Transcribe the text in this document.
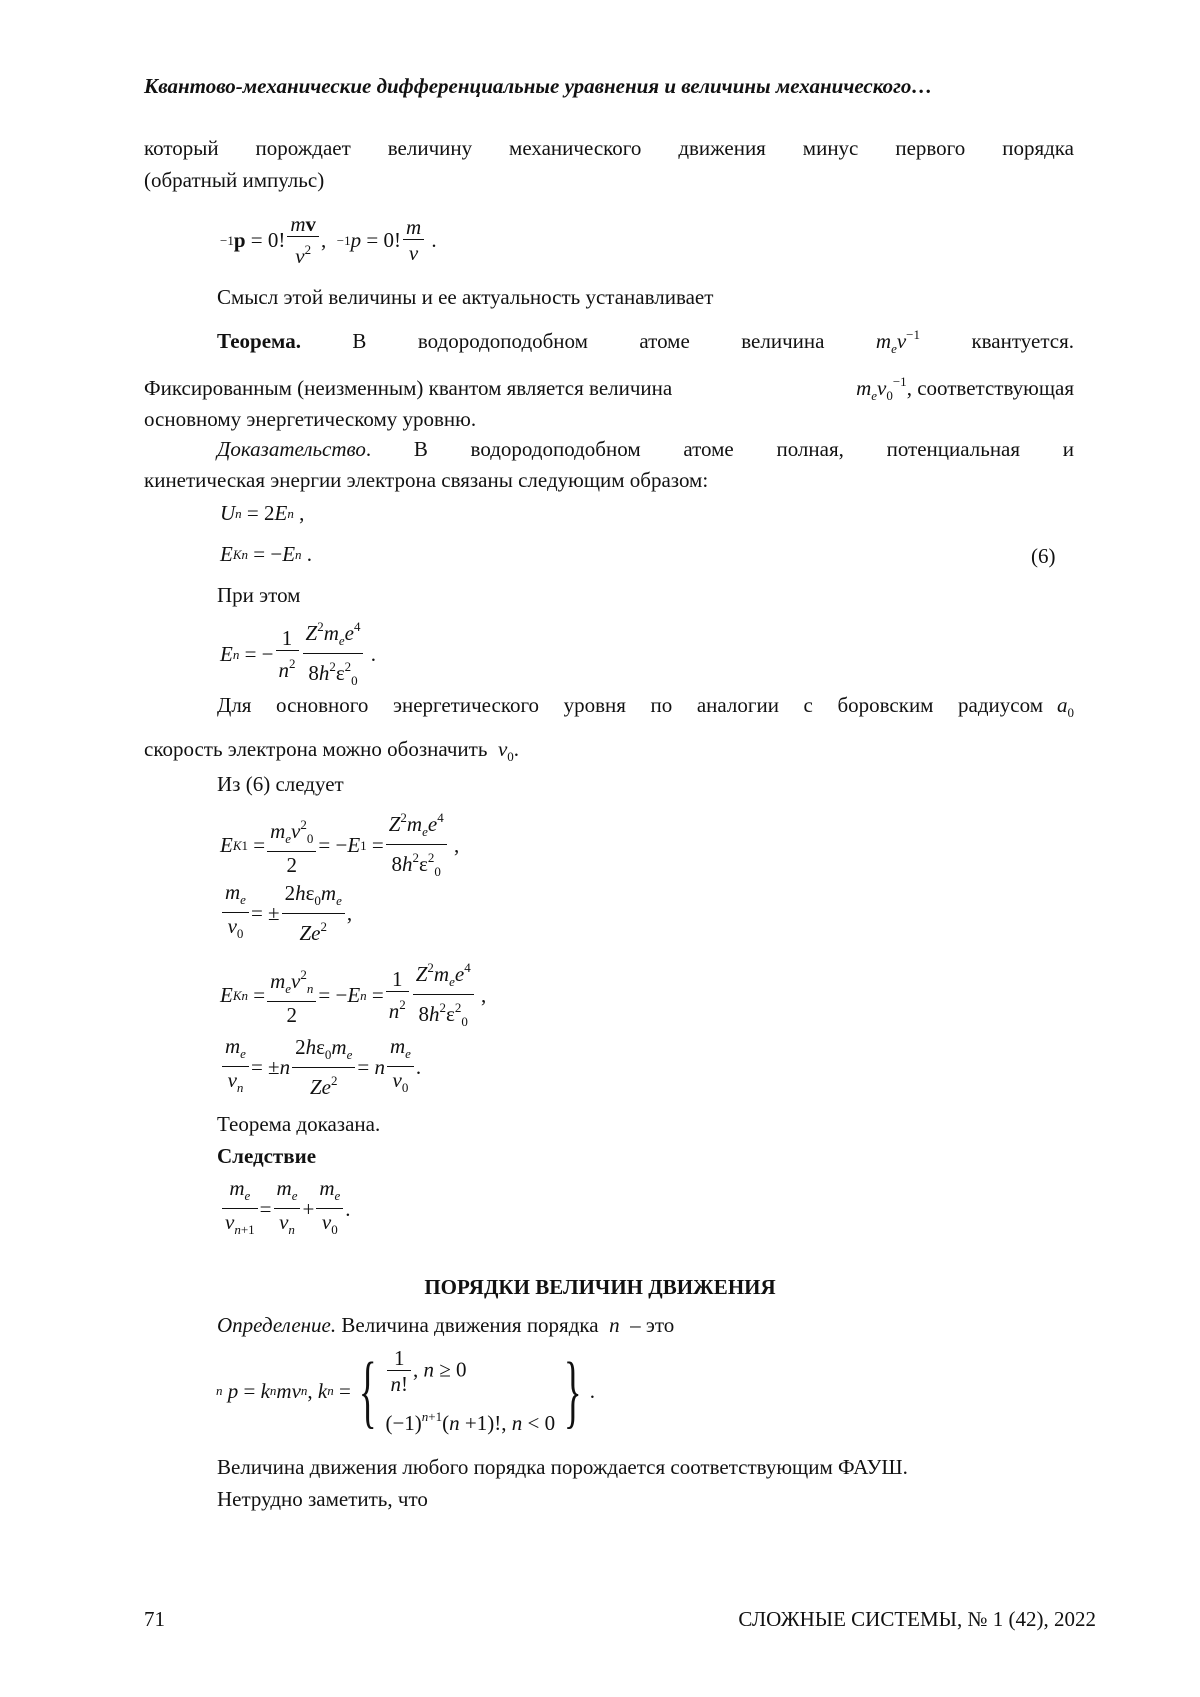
Квантово-механические дифференциальные уравнения и величины механического…
который порождает величину механического движения минус первого порядка
(обратный импульс)
−1 p = 0!
mv
v2 , −1 p = 0!
m
v
.
Смысл этой величины и ее актуальность устанавливает
Теорема. В водородоподобном атоме величина mev−1 квантуется.
Фиксированным (неизменным) квантом является величина	mev0−1, соответствующая
основному энергетическому уровню.
Доказательство . В водородоподобном атоме полная, потенциальная и
кинетическая энергии электрона связаны следующим образом:
U n = 2 E n ,
E Kn = − E n .	(6)
При этом
E n = −
1
n2
Z2mee4
8h2ε20
.
Для основного энергетического уровня по аналогии с боровским радиусом a0
скорость электрона можно обозначить v0.
Из (6) следует
E K 1 =
mev20
2
= − E 1 =
Z2mee4
8h2ε20
,
me
v0
= ±
2hε0me
Ze2
,
E Kn =
mev2n
2
= − E n =
1
n2
Z2mee4
8h2ε20
,
me
vn
= ± n
2hε0me
Ze2
= n
me
v0
.
Теорема доказана.
Следствие
me
vn+1
=
me
vn
+
me
v0
.
ПОРЯДКИ ВЕЛИЧИН ДВИЖЕНИЯ
Определение. Величина движения порядка  n  – это
n
p = k n mv n , k n = { 1
n!
, n ≥ 0
(−1)n+1(n +1)!, n < 0 } .
Величина движения любого порядка порождается соответствующим ФАУШ.
Нетрудно заметить, что
71	СЛОЖНЫЕ СИСТЕМЫ, № 1 (42), 2022
